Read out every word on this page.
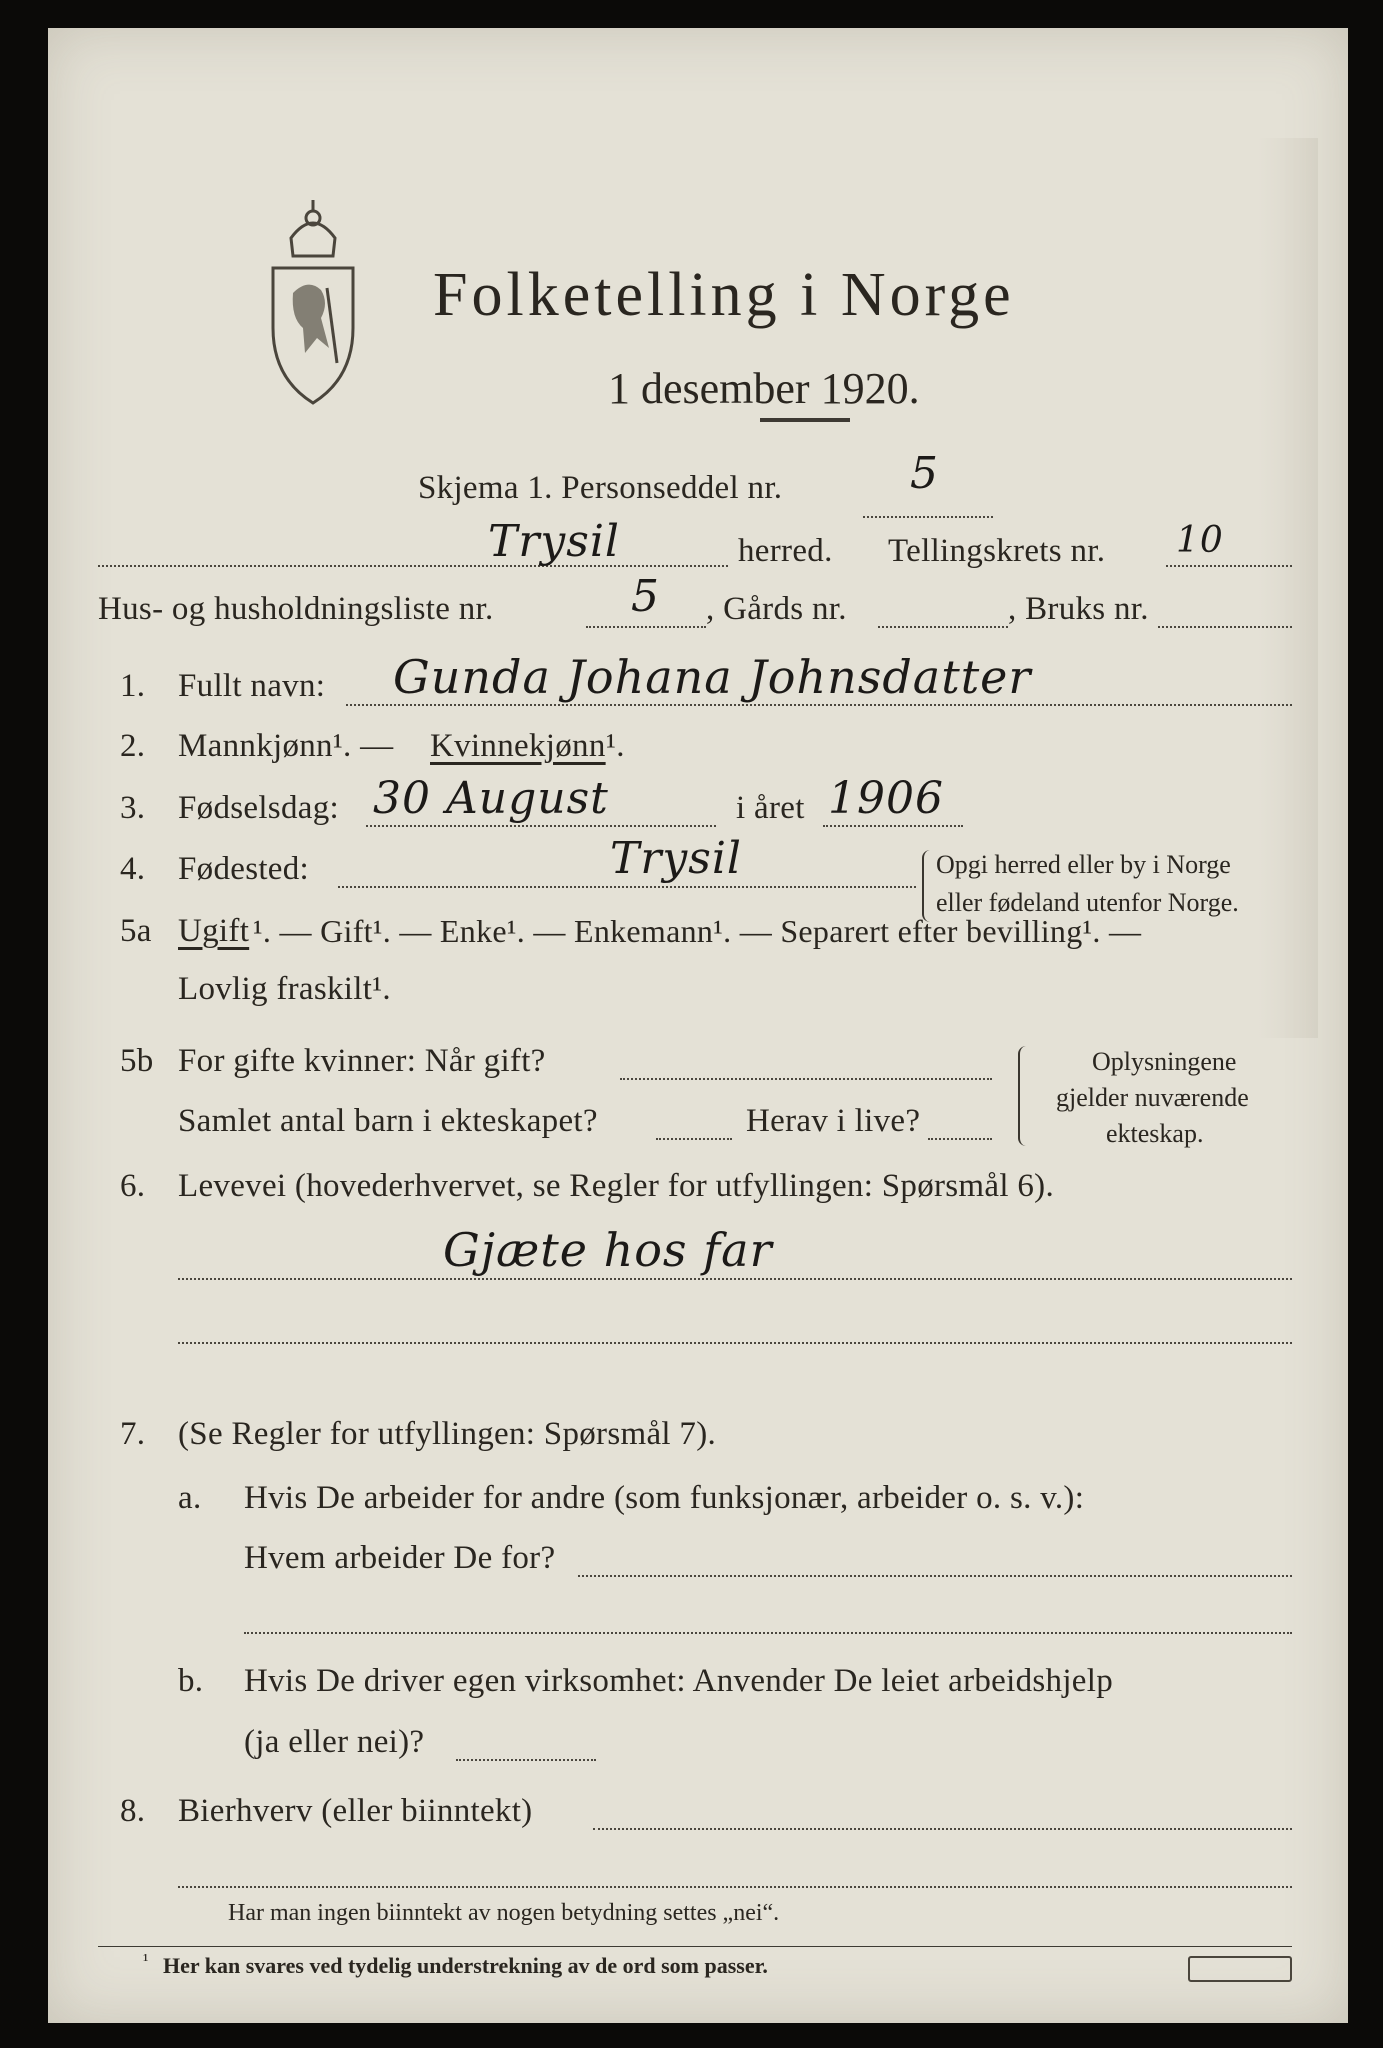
Folketelling i Norge
1 desember 1920.
Skjema 1. Personseddel nr.	5
Trysil	herred. Tellingskrets nr. 10
Hus- og husholdningsliste nr.	5 , Gårds nr.	, Bruks nr.
1. Fullt navn: Gunda Johana Johnsdatter
2. Mannkjønn¹. — Kvinnekjønn ¹.
3. Fødselsdag: 30 August	i året 1906
4. Fødested:	Trysil	Opgi herred eller by i Norge
eller fødeland utenfor Norge.
5a Ugift ¹. — Gift¹. — Enke¹. — Enkemann¹. — Separert efter bevilling¹. —
Lovlig fraskilt¹.
5b For gifte kvinner: Når gift?
Samlet antal barn i ekteskapet?	Herav i live?
Oplysningene
gjelder nuværende
ekteskap.
6. Levevei (hovederhvervet, se Regler for utfyllingen: Spørsmål 6).
Gjæte hos far
7. (Se Regler for utfyllingen: Spørsmål 7).
a. Hvis De arbeider for andre (som funksjonær, arbeider o. s. v.):
Hvem arbeider De for?
b. Hvis De driver egen virksomhet: Anvender De leiet arbeidshjelp
(ja eller nei)?
8. Bierhverv (eller biinntekt)
Har man ingen biinntekt av nogen betydning settes „nei“.
¹ Her kan svares ved tydelig understrekning av de ord som passer.
